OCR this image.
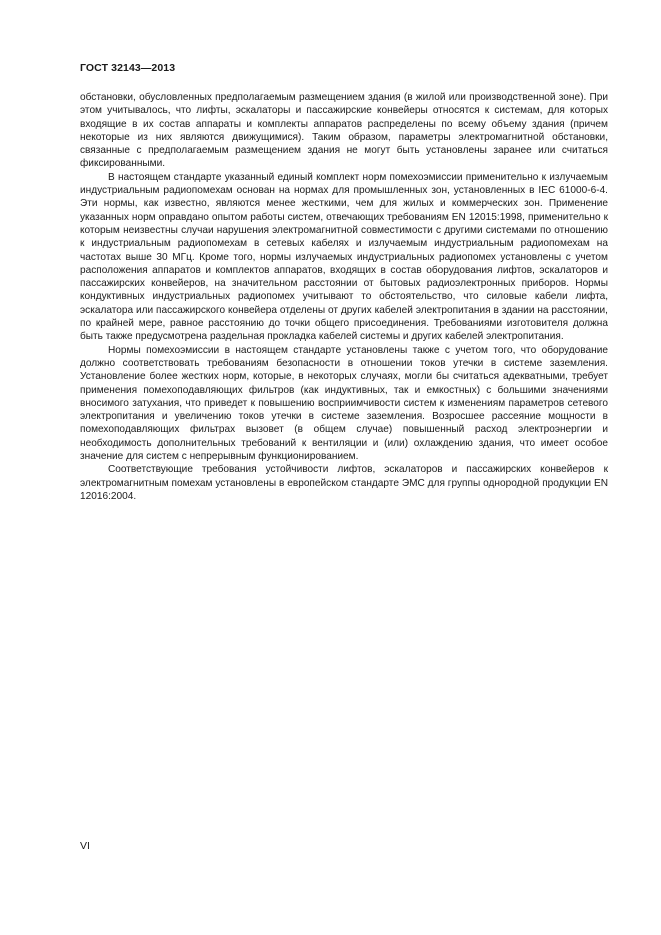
ГОСТ 32143—2013

обстановки, обусловленных предполагаемым размещением здания (в жилой или производственной зоне). При этом учитывалось, что лифты, эскалаторы и пассажирские конвейеры относятся к системам, для которых входящие в их состав аппараты и комплекты аппаратов распределены по всему объему здания (причем некоторые из них являются движущимися). Таким образом, параметры электромагнитной обстановки, связанные с предполагаемым размещением здания не могут быть установлены заранее или считаться фиксированными.

В настоящем стандарте указанный единый комплект норм помехоэмиссии применительно к излучаемым индустриальным радиопомехам основан на нормах для промышленных зон, установленных в IEC 61000-6-4. Эти нормы, как известно, являются менее жесткими, чем для жилых и коммерческих зон. Применение указанных норм оправдано опытом работы систем, отвечающих требованиям EN 12015:1998, применительно к которым неизвестны случаи нарушения электромагнитной совместимости с другими системами по отношению к индустриальным радиопомехам в сетевых кабелях и излучаемым индустриальным радиопомехам на частотах выше 30 МГц. Кроме того, нормы излучаемых индустриальных радиопомех установлены с учетом расположения аппаратов и комплектов аппаратов, входящих в состав оборудования лифтов, эскалаторов и пассажирских конвейеров, на значительном расстоянии от бытовых радиоэлектронных приборов. Нормы кондуктивных индустриальных радиопомех учитывают то обстоятельство, что силовые кабели лифта, эскалатора или пассажирского конвейера отделены от других кабелей электропитания в здании на расстоянии, по крайней мере, равное расстоянию до точки общего присоединения. Требованиями изготовителя должна быть также предусмотрена раздельная прокладка кабелей системы и других кабелей электропитания.

Нормы помехоэмиссии в настоящем стандарте установлены также с учетом того, что оборудование должно соответствовать требованиям безопасности в отношении токов утечки в системе заземления. Установление более жестких норм, которые, в некоторых случаях, могли бы считаться адекватными, требует применения помехоподавляющих фильтров (как индуктивных, так и емкостных) с большими значениями вносимого затухания, что приведет к повышению восприимчивости систем к изменениям параметров сетевого электропитания и увеличению токов утечки в системе заземления. Возросшее рассеяние мощности в помехоподавляющих фильтрах вызовет (в общем случае) повышенный расход электроэнергии и необходимость дополнительных требований к вентиляции и (или) охлаждению здания, что имеет особое значение для систем с непрерывным функционированием.

Соответствующие требования устойчивости лифтов, эскалаторов и пассажирских конвейеров к электромагнитным помехам установлены в европейском стандарте ЭМС для группы однородной продукции EN 12016:2004.

VI
